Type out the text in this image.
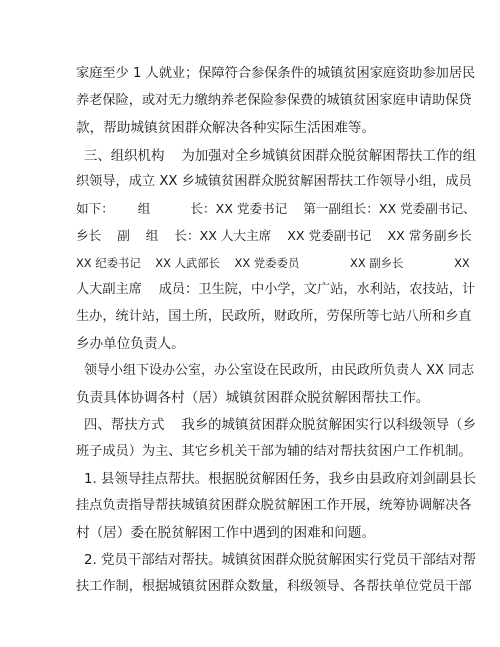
家庭至少 1 人就业；保障符合参保条件的城镇贫困家庭资助参加居民
养老保险，或对无力缴纳养老保险参保费的城镇贫困家庭申请助保贷
款，帮助城镇贫困群众解决各种实际生活困难等。
三、组织机构    为加强对全乡城镇贫困群众脱贫解困帮扶工作的组
织领导，成立 XX 乡城镇贫困群众脱贫解困帮扶工作领导小组，成员
如下：      组          长：XX 党委书记    第一副组长：XX 党委副书记、
乡长    副    组    长：XX 人大主席    XX 党委副书记    XX 常务副乡长
XX 纪委书记    XX 人武部长    XX 党委委员              XX 副乡长              XX
人大副主席    成员：卫生院，中小学，文广站，水利站，农技站，计
生办，统计站，国土所，民政所，财政所，劳保所等七站八所和乡直
乡办单位负责人。
领导小组下设办公室，办公室设在民政所，由民政所负责人 XX 同志
负责具体协调各村（居）城镇贫困群众脱贫解困帮扶工作。
四、帮扶方式    我乡的城镇贫困群众脱贫解困实行以科级领导（乡
班子成员）为主、其它乡机关干部为辅的结对帮扶贫困户工作机制。
1. 县领导挂点帮扶。根据脱贫解困任务，我乡由县政府刘剑副县长
挂点负责指导帮扶城镇贫困群众脱贫解困工作开展，统筹协调解决各
村（居）委在脱贫解困工作中遇到的困难和问题。
2. 党员干部结对帮扶。城镇贫困群众脱贫解困实行党员干部结对帮
扶工作制，根据城镇贫困群众数量，科级领导、各帮扶单位党员干部
